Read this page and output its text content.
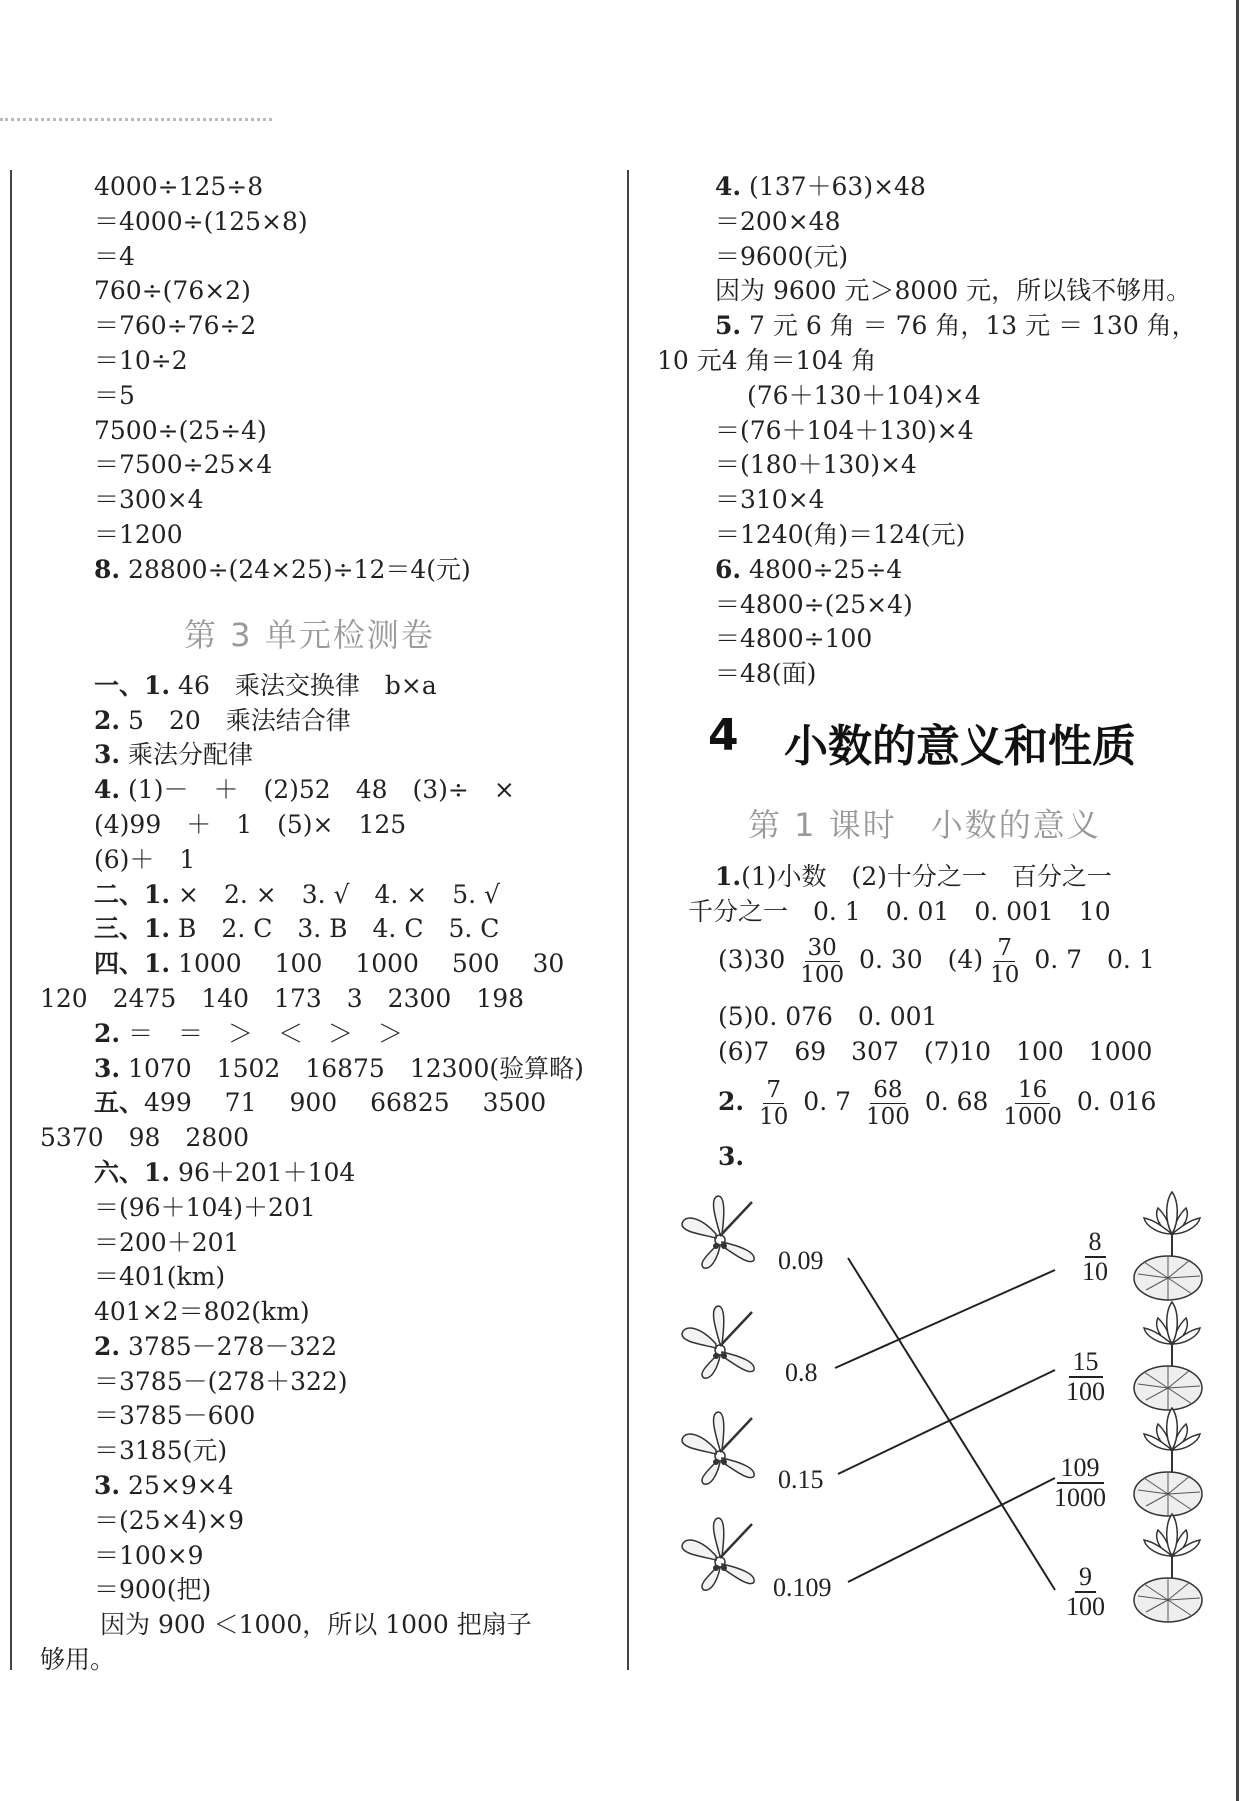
4000÷125÷8
＝4000÷(125×8)
＝4
760÷(76×2)
＝760÷76÷2
＝10÷2
＝5
7500÷(25÷4)
＝7500÷25×4
＝300×4
＝1200
8. 28800÷(24×25)÷12＝4(元)
第 3 单元检测卷
一、1. 46　乘法交换律　b×a
2. 5　20　乘法结合律
3. 乘法分配律
4. (1)－　＋　(2)52　48　(3)÷　×
(4)99　＋　1　(5)×　125
(6)＋　1
二、1. ×　2. ×　3. √　4. ×　5. √
三、1. B　2. C　3. B　4. C　5. C
四、1. 1000　 100　 1000　 500　 30
120　2475　140　173　3　2300　198
2. ＝　＝　＞　＜　＞　＞
3. 1070　1502　16875　12300(验算略)
五、499　 71　 900　 66825　 3500
5370　98　2800
六、1. 96＋201＋104
＝(96＋104)＋201
＝200＋201
＝401(km)
401×2＝802(km)
2. 3785－278－322
＝3785－(278＋322)
＝3785－600
＝3185(元)
3. 25×9×4
＝(25×4)×9
＝100×9
＝900(把)
因为 900 ＜1000，所以 1000 把扇子
够用。
4. (137＋63)×48
＝200×48
＝9600(元)
因为 9600 元＞8000 元，所以钱不够用。
5. 7 元 6 角 ＝ 76 角，13 元 ＝ 130 角，
10 元4 角＝104 角
(76＋130＋104)×4
＝(76＋104＋130)×4
＝(180＋130)×4
＝310×4
＝1240(角)＝124(元)
6. 4800÷25÷4
＝4800÷(25×4)
＝4800÷100
＝48(面)
4 小数的意义和性质
第 1 课时　小数的意义
1.(1)小数　(2)十分之一　百分之一
千分之一　0. 1　0. 01　0. 001　10
$(3)30 \frac{30}{100} 0$. 30　$(4) \frac{7}{10} 0$. 7　0. 1
(5)0. 076　0. 001
(6)7　69　307　(7)10　100　1000
2. $\frac{7}{10} 0$. $7 \frac{68}{100} 0$. $68 \frac{16}{1000} 0$. 016
3.
0.09
0.8
0.15
0.109
$\frac{8}{10}$
$\frac{15}{100}$
$\frac{109}{1000}$
$\frac{9}{100}$
